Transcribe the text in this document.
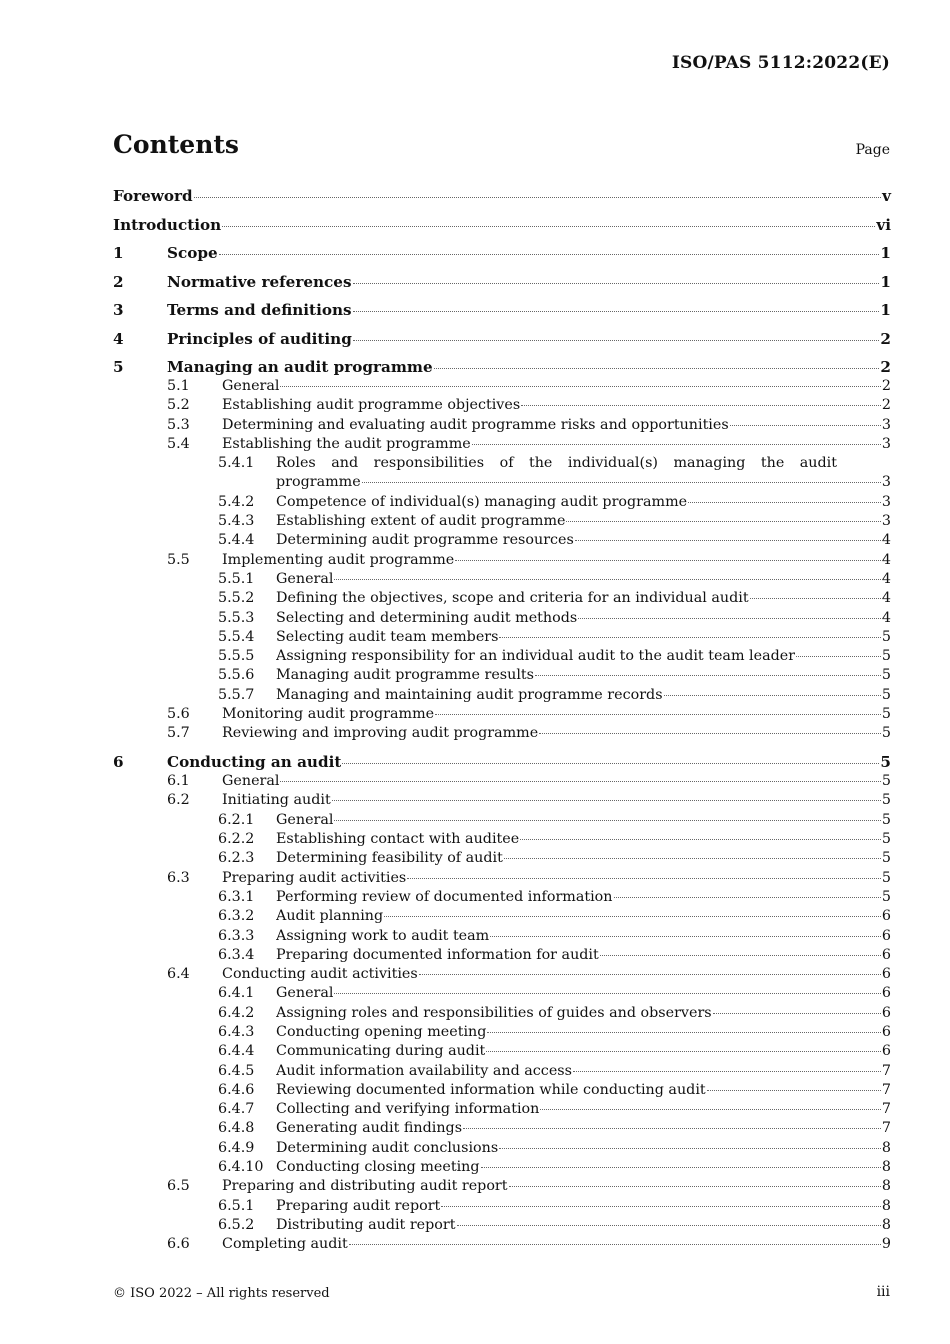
ISO/PAS 5112:2022(E)
Contents	Page
Foreword	v
Introduction	vi
1	Scope	1
2	Normative references	1
3	Terms and definitions	1
4	Principles of auditing	2
5	Managing an audit programme	2
5.1	General	2
5.2	Establishing audit programme objectives	2
5.3	Determining and evaluating audit programme risks and opportunities	3
5.4	Establishing the audit programme	3
5.4.1	Roles and responsibilities of the individual(s) managing the audit
programme	3
5.4.2	Competence of individual(s) managing audit programme	3
5.4.3	Establishing extent of audit programme	3
5.4.4	Determining audit programme resources	4
5.5	Implementing audit programme	4
5.5.1	General	4
5.5.2	Defining the objectives, scope and criteria for an individual audit	4
5.5.3	Selecting and determining audit methods	4
5.5.4	Selecting audit team members	5
5.5.5	Assigning responsibility for an individual audit to the audit team leader	5
5.5.6	Managing audit programme results	5
5.5.7	Managing and maintaining audit programme records	5
5.6	Monitoring audit programme	5
5.7	Reviewing and improving audit programme	5
6	Conducting an audit	5
6.1	General	5
6.2	Initiating audit	5
6.2.1	General	5
6.2.2	Establishing contact with auditee	5
6.2.3	Determining feasibility of audit	5
6.3	Preparing audit activities	5
6.3.1	Performing review of documented information	5
6.3.2	Audit planning	6
6.3.3	Assigning work to audit team	6
6.3.4	Preparing documented information for audit	6
6.4	Conducting audit activities	6
6.4.1	General	6
6.4.2	Assigning roles and responsibilities of guides and observers	6
6.4.3	Conducting opening meeting	6
6.4.4	Communicating during audit	6
6.4.5	Audit information availability and access	7
6.4.6	Reviewing documented information while conducting audit	7
6.4.7	Collecting and verifying information	7
6.4.8	Generating audit findings	7
6.4.9	Determining audit conclusions	8
6.4.10 Conducting closing meeting	8
6.5	Preparing and distributing audit report	8
6.5.1	Preparing audit report	8
6.5.2	Distributing audit report	8
6.6	Completing audit	9
© ISO 2022 – All rights reserved	iii
